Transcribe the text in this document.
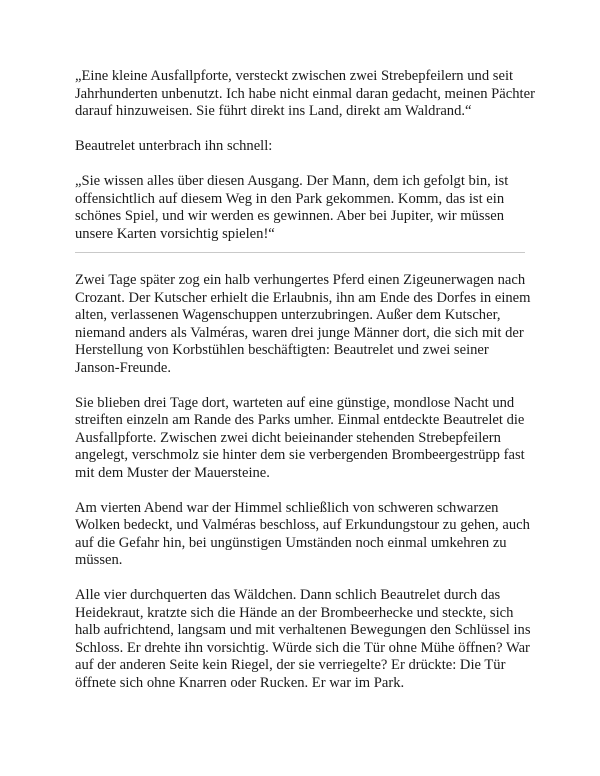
„Eine kleine Ausfallpforte, versteckt zwischen zwei Strebepfeilern und seit Jahrhunderten unbenutzt. Ich habe nicht einmal daran gedacht, meinen Pächter darauf hinzuweisen. Sie führt direkt ins Land, direkt am Waldrand.“

Beautrelet unterbrach ihn schnell:

„Sie wissen alles über diesen Ausgang. Der Mann, dem ich gefolgt bin, ist offensichtlich auf diesem Weg in den Park gekommen. Komm, das ist ein schönes Spiel, und wir werden es gewinnen. Aber bei Jupiter, wir müssen unsere Karten vorsichtig spielen!“

Zwei Tage später zog ein halb verhungertes Pferd einen Zigeunerwagen nach Crozant. Der Kutscher erhielt die Erlaubnis, ihn am Ende des Dorfes in einem alten, verlassenen Wagenschuppen unterzubringen. Außer dem Kutscher, niemand anders als Valméras, waren drei junge Männer dort, die sich mit der Herstellung von Korbstühlen beschäftigten: Beautrelet und zwei seiner Janson-Freunde.

Sie blieben drei Tage dort, warteten auf eine günstige, mondlose Nacht und streiften einzeln am Rande des Parks umher. Einmal entdeckte Beautrelet die Ausfallpforte. Zwischen zwei dicht beieinander stehenden Strebepfeilern angelegt, verschmolz sie hinter dem sie verbergenden Brombeergestrüpp fast mit dem Muster der Mauersteine.

Am vierten Abend war der Himmel schließlich von schweren schwarzen Wolken bedeckt, und Valméras beschloss, auf Erkundungstour zu gehen, auch auf die Gefahr hin, bei ungünstigen Umständen noch einmal umkehren zu müssen.

Alle vier durchquerten das Wäldchen. Dann schlich Beautrelet durch das Heidekraut, kratzte sich die Hände an der Brombeerhecke und steckte, sich halb aufrichtend, langsam und mit verhaltenen Bewegungen den Schlüssel ins Schloss. Er drehte ihn vorsichtig. Würde sich die Tür ohne Mühe öffnen? War auf der anderen Seite kein Riegel, der sie verriegelte? Er drückte: Die Tür öffnete sich ohne Knarren oder Rucken. Er war im Park.
